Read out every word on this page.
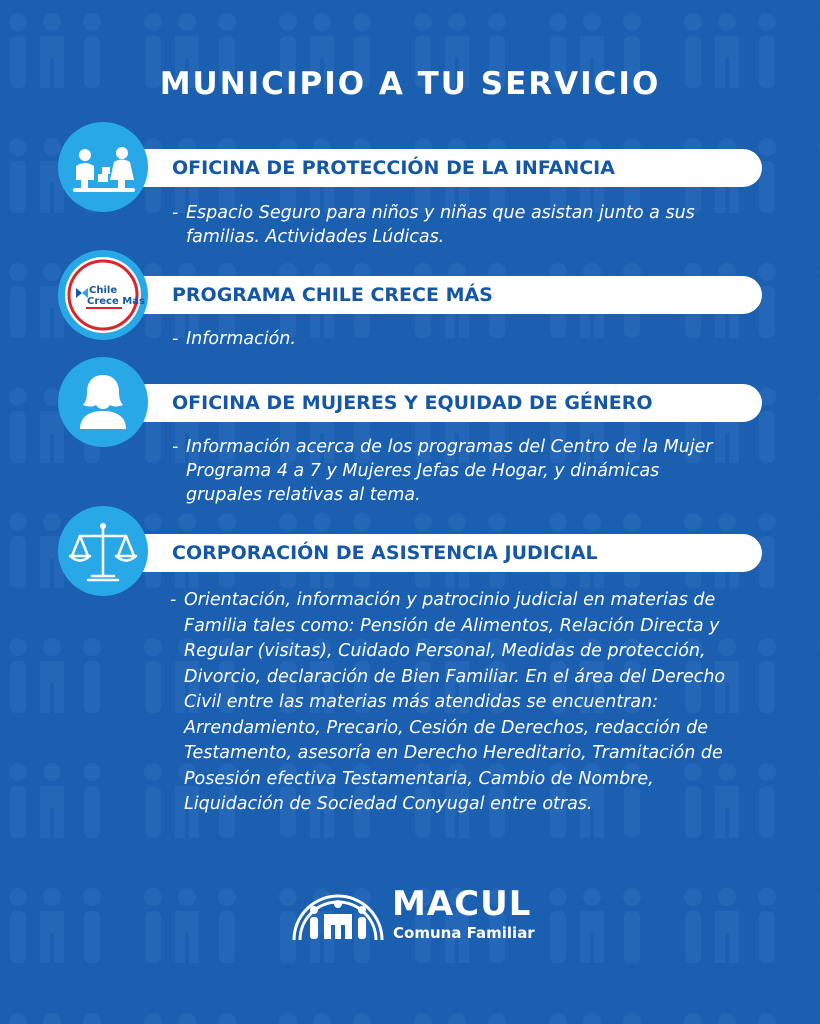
MUNICIPIO A TU SERVICIO
OFICINA DE PROTECCIÓN DE LA INFANCIA
- Espacio Seguro para niños y niñas que asistan junto a sus familias. Actividades Lúdicas.
PROGRAMA CHILE CRECE MÁS
Chile
Crece Más
- Información.
OFICINA DE MUJERES Y EQUIDAD DE GÉNERO
- Información acerca de los programas del Centro de la Mujer Programa 4 a 7 y Mujeres Jefas de Hogar, y dinámicas grupales relativas al tema.
CORPORACIÓN DE ASISTENCIA JUDICIAL
- Orientación, información y patrocinio judicial en materias de Familia tales como: Pensión de Alimentos, Relación Directa y Regular (visitas), Cuidado Personal, Medidas de protección, Divorcio, declaración de Bien Familiar. En el área del Derecho Civil entre las materias más atendidas se encuentran: Arrendamiento, Precario, Cesión de Derechos, redacción de Testamento, asesoría en Derecho Hereditario, Tramitación de Posesión efectiva Testamentaria, Cambio de Nombre, Liquidación de Sociedad Conyugal entre otras.
MACUL
Comuna Familiar
